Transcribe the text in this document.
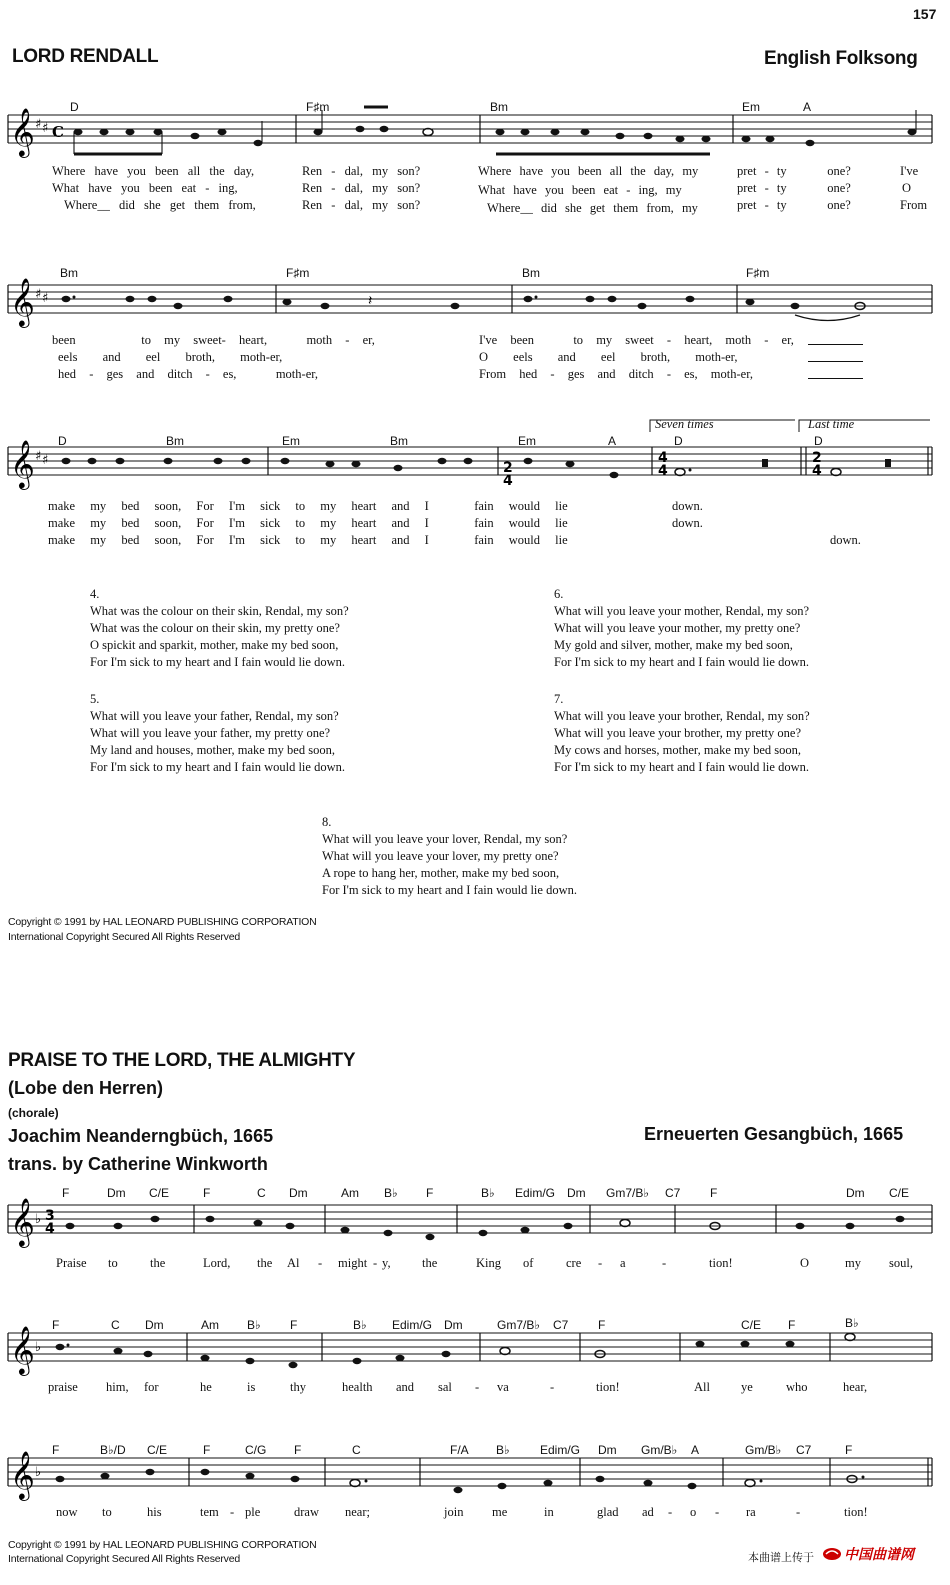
157
LORD RENDALL	English Folksong
𝄞 ♯ ♯ C
D	F♯m	Bm	Em	A
Where have you been all the day,	Ren - dal, my son?	Where have you been all the day, my	pret - ty	one?	I've
What have you been eat - ing,	Ren - dal, my son?	What have you been eat - ing, my	pret - ty	one?	O
Where__ did she get them from,	Ren - dal, my son?	Where__ did she get them from, my	pret - ty	one?	From
𝄞 ♯ ♯	𝄽
Bm	F♯m	Bm	F♯m
been	to my sweet- heart,	moth - er,	I've been	to my sweet - heart, moth - er,
eels and eel broth, moth-er,	O eels and eel broth, moth-er,
hed - ges and ditch - es,	moth-er,	From hed - ges and ditch - es, moth-er,
𝄞 ♯ ♯	2
4
4
4
2
4
Seven times	Last time
D	Bm	Em	Bm	Em	A	D	D
make my bed soon, For I'm sick to my heart and I	fain would lie	down.
make my bed soon, For I'm sick to my heart and I	fain would lie	down.
make my bed soon, For I'm sick to my heart and I	fain would lie	down.
4.
What was the colour on their skin, Rendal, my son?
What was the colour on their skin, my pretty one?
O spickit and sparkit, mother, make my bed soon,
For I'm sick to my heart and I fain would lie down.
6.
What will you leave your mother, Rendal, my son?
What will you leave your mother, my pretty one?
My gold and silver, mother, make my bed soon,
For I'm sick to my heart and I fain would lie down.
5.
What will you leave your father, Rendal, my son?
What will you leave your father, my pretty one?
My land and houses, mother, make my bed soon,
For I'm sick to my heart and I fain would lie down.
7.
What will you leave your brother, Rendal, my son?
What will you leave your brother, my pretty one?
My cows and horses, mother, make my bed soon,
For I'm sick to my heart and I fain would lie down.
8.
What will you leave your lover, Rendal, my son?
What will you leave your lover, my pretty one?
A rope to hang her, mother, make my bed soon,
For I'm sick to my heart and I fain would lie down.
Copyright © 1991 by HAL LEONARD PUBLISHING CORPORATION
International Copyright Secured All Rights Reserved
PRAISE TO THE LORD, THE ALMIGHTY
(Lobe den Herren)
(chorale)
Joachim Neanderngbüch, 1665	Erneuerten Gesangbüch, 1665
trans. by Catherine Winkworth
𝄞 ♭ 3
4
F	Dm C/E	F	C Dm	Am B♭ F	B♭ Edim/G Dm Gm7/B♭ C7 F	Dm C/E
Praise to	the	Lord, the Al - might - y,	the	King of	cre - a	-	tion!	O	my soul,
𝄞 ♭
F	C Dm	Am B♭ F	B♭ Edim/G Dm	Gm7/B♭ C7 F	C/E F	B♭
praise him, for	he	is	thy	health and sal - va	-	tion!	All ye	who	hear,
𝄞 ♭
F	B♭/D C/E	F	C/G F	C	F/A B♭	Edim/G Dm Gm/B♭ A	Gm/B♭ C7	F
now to	his	tem - ple	draw near;	join me	in	glad ad - o - ra	-	tion!
Copyright © 1991 by HAL LEONARD PUBLISHING CORPORATION
International Copyright Secured All Rights Reserved	本曲谱上传于 中国曲谱网
